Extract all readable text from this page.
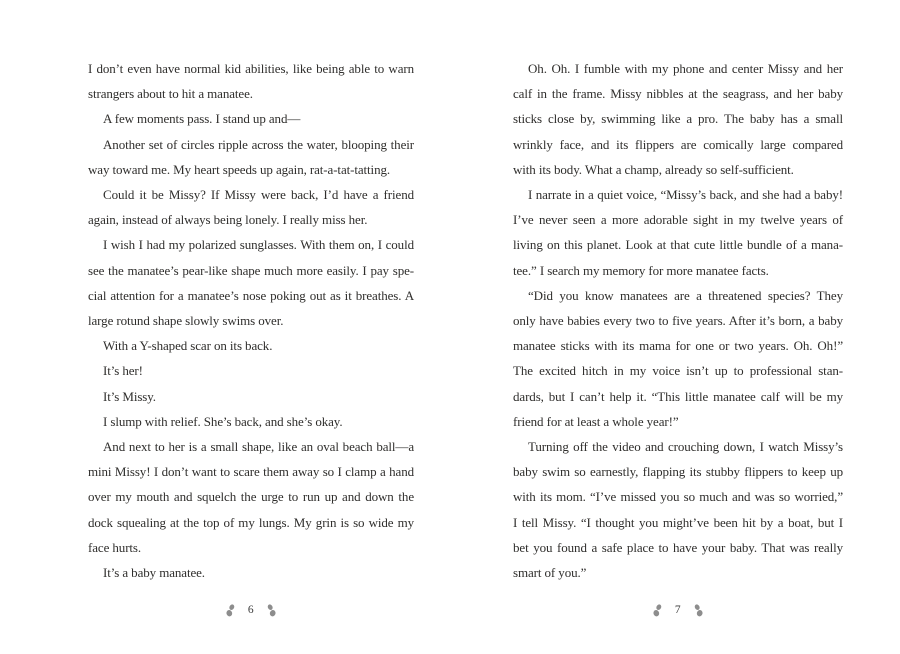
I don’t even have normal kid abilities, like being able to warn
strangers about to hit a manatee.
A few moments pass. I stand up and—
Another set of circles ripple across the water, blooping their
way toward me. My heart speeds up again, rat-a-tat-tatting.
Could it be Missy? If Missy were back, I’d have a friend
again, instead of always being lonely. I really miss her.
I wish I had my polarized sunglasses. With them on, I could
see the manatee’s pear-like shape much more easily. I pay spe-
cial attention for a manatee’s nose poking out as it breathes. A
large rotund shape slowly swims over.
With a Y-shaped scar on its back.
It’s her!
It’s Missy.
I slump with relief. She’s back, and she’s okay.
And next to her is a small shape, like an oval beach ball—a
mini Missy! I don’t want to scare them away so I clamp a hand
over my mouth and squelch the urge to run up and down the
dock squealing at the top of my lungs. My grin is so wide my
face hurts.
It’s a baby manatee.
Oh. Oh. I fumble with my phone and center Missy and her
calf in the frame. Missy nibbles at the seagrass, and her baby
sticks close by, swimming like a pro. The baby has a small
wrinkly face, and its flippers are comically large compared
with its body. What a champ, already so self-sufficient.
I narrate in a quiet voice, “Missy’s back, and she had a baby!
I’ve never seen a more adorable sight in my twelve years of
living on this planet. Look at that cute little bundle of a mana-
tee.” I search my memory for more manatee facts.
“Did you know manatees are a threatened species? They
only have babies every two to five years. After it’s born, a baby
manatee sticks with its mama for one or two years. Oh. Oh!”
The excited hitch in my voice isn’t up to professional stan-
dards, but I can’t help it. “This little manatee calf will be my
friend for at least a whole year!”
Turning off the video and crouching down, I watch Missy’s
baby swim so earnestly, flapping its stubby flippers to keep up
with its mom. “I’ve missed you so much and was so worried,”
I tell Missy. “I thought you might’ve been hit by a boat, but I
bet you found a safe place to have your baby. That was really
smart of you.”
6	7
